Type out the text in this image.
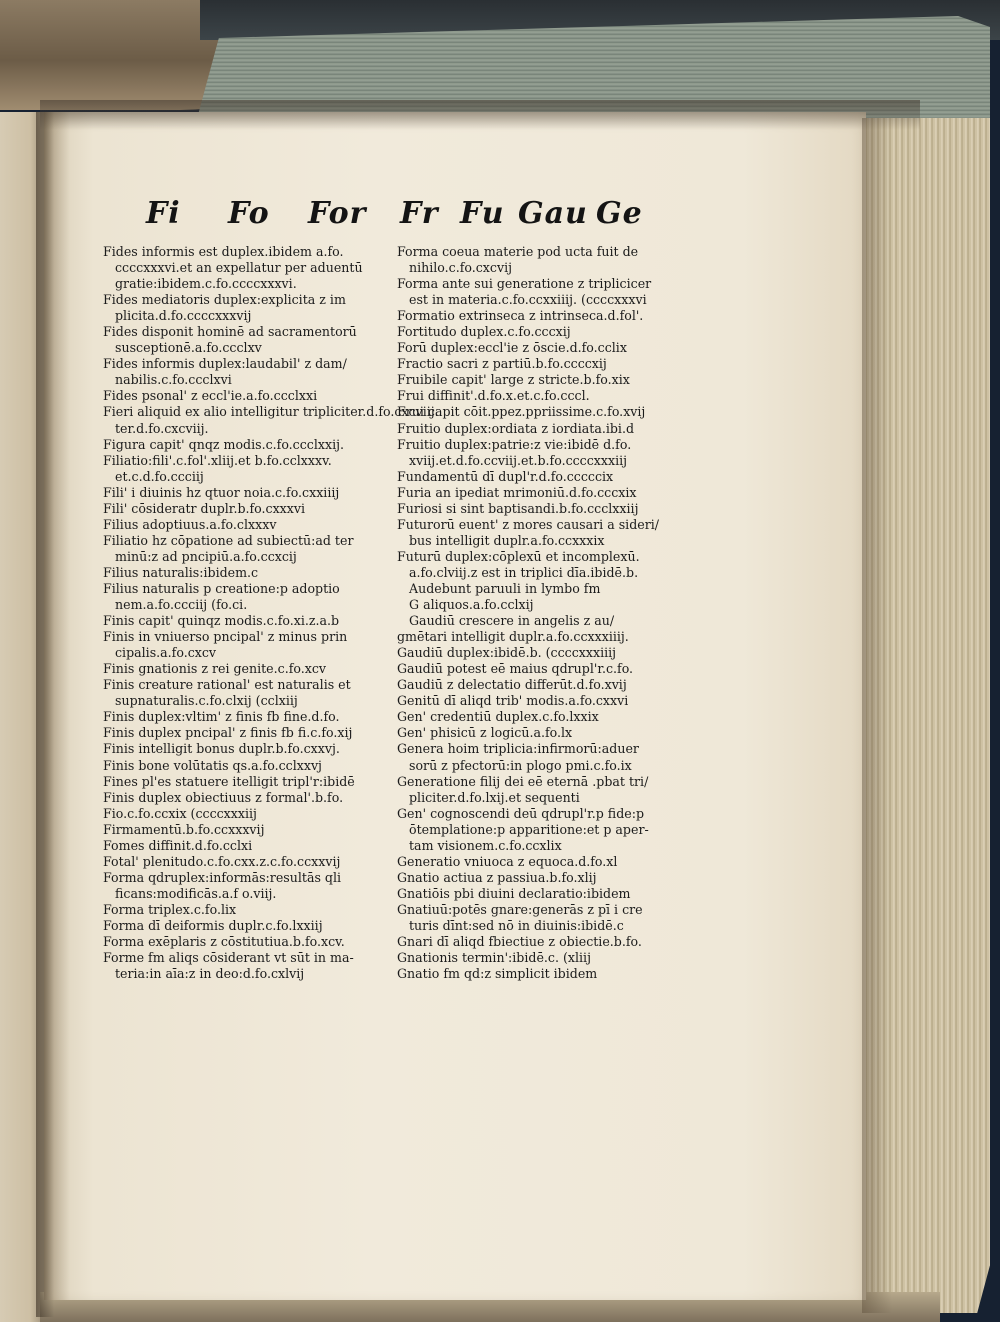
Fi Fo For Fr Fu Gau Ge
Fides informis est duplex.ibidem a.fo.
ccccxxxvi.et an expellatur per aduentū
gratie:ibidem.c.fo.ccccxxxvi.
Fides mediatoris duplex:explicita z im
plicita.d.fo.ccccxxxvij
Fides disponit hominē ad sacramentorū
susceptionē.a.fo.ccclxv
Fides informis duplex:laudabil' z dam/
nabilis.c.fo.ccclxvi
Fides psonal' z eccl'ie.a.fo.ccclxxi
Fieri aliquid ex alio intelligitur tripliciter.d.fo.cxcviij.
ter.d.fo.cxcviij.
Figura capit' qnqz modis.c.fo.ccclxxij.
Filiatio:fili'.c.fol'.xliij.et b.fo.cclxxxv.
et.c.d.fo.ccciij
Fili' i diuinis hz qtuor noia.c.fo.cxxiiij
Fili' cōsideratr duplr.b.fo.cxxxvi
Filius adoptiuus.a.fo.clxxxv
Filiatio hz cōpatione ad subiectū:ad ter
minū:z ad pncipiū.a.fo.ccxcij
Filius naturalis:ibidem.c
Filius naturalis p creatione:p adoptio
nem.a.fo.ccciij (fo.ci.
Finis capit' quinqz modis.c.fo.xi.z.a.b
Finis in vniuerso pncipal' z minus prin
cipalis.a.fo.cxcv
Finis gnationis z rei genite.c.fo.xcv
Finis creature rational' est naturalis et
supnaturalis.c.fo.clxij (cclxiij
Finis duplex:vltim' z finis fb fine.d.fo.
Finis duplex pncipal' z finis fb fi.c.fo.xij
Finis intelligit bonus duplr.b.fo.cxxvj.
Finis bone volūtatis qs.a.fo.cclxxvj
Fines pl'es statuere itelligit tripl'r:ibidē
Finis duplex obiectiuus z formal'.b.fo.
Fio.c.fo.ccxix (ccccxxxiij
Firmamentū.b.fo.ccxxxvij
Fomes diffinit.d.fo.cclxi
Fotal' plenitudo.c.fo.cxx.z.c.fo.ccxxvij
Forma qdruplex:informās:resultās qli
ficans:modificās.a.f o.viij.
Forma triplex.c.fo.lix
Forma dī deiformis duplr.c.fo.lxxiij
Forma exēplaris z cōstitutiua.b.fo.xcv.
Forme fm aliqs cōsiderant vt sūt in ma-
teria:in aīa:z in deo:d.fo.cxlvij
Forma coeua materie pod ucta fuit de
nihilo.c.fo.cxcvij
Forma ante sui generatione z triplicicer
est in materia.c.fo.ccxxiiij. (ccccxxxvi
Formatio extrinseca z intrinseca.d.fol'.
Fortitudo duplex.c.fo.cccxij
Forū duplex:eccl'ie z ōscie.d.fo.cclix
Fractio sacri z partiū.b.fo.ccccxij
Fruibile capit' large z stricte.b.fo.xix
Frui diffinit'.d.fo.x.et.c.fo.cccl.
Frui capit cōit.ppez.ppriissime.c.fo.xvij
Fruitio duplex:ordiata z iordiata.ibi.d
Fruitio duplex:patrie:z vie:ibidē d.fo.
xviij.et.d.fo.ccviij.et.b.fo.ccccxxxiij
Fundamentū dī dupl'r.d.fo.cccccix
Furia an ipediat mrimoniū.d.fo.cccxix
Furiosi si sint baptisandi.b.fo.ccclxxiij
Futurorū euent' z mores causari a sideri/
bus intelligit duplr.a.fo.ccxxxix
Futurū duplex:cōplexū et incomplexū.
a.fo.clviij.z est in triplici dīa.ibidē.b.
Audebunt paruuli in lymbo fm
G aliquos.a.fo.cclxij
Gaudiū crescere in angelis z au/
gmētari intelligit duplr.a.fo.ccxxxiiij.
Gaudiū duplex:ibidē.b. (ccccxxxiiij
Gaudiū potest eē maius qdrupl'r.c.fo.
Gaudiū z delectatio differūt.d.fo.xvij
Genitū dī aliqd trib' modis.a.fo.cxxvi
Gen' credentiū duplex.c.fo.lxxix
Gen' phisicū z logicū.a.fo.lx
Genera hoim triplicia:infirmorū:aduer
sorū z pfectorū:in plogo pmi.c.fo.ix
Generatione filij dei eē eternā .pbat tri/
pliciter.d.fo.lxij.et sequenti
Gen' cognoscendi deū qdrupl'r.p fide:p
ōtemplatione:p apparitione:et p aper-
tam visionem.c.fo.ccxlix
Generatio vniuoca z equoca.d.fo.xl
Gnatio actiua z passiua.b.fo.xlij
Gnatiōis pbi diuini declaratio:ibidem
Gnatiuū:potēs gnare:generās z pī i cre
turis dīnt:sed nō in diuinis:ibidē.c
Gnari dī aliqd fbiectiue z obiectie.b.fo.
Gnationis termin':ibidē.c. (xliij
Gnatio fm qd:z simplicit ibidem
